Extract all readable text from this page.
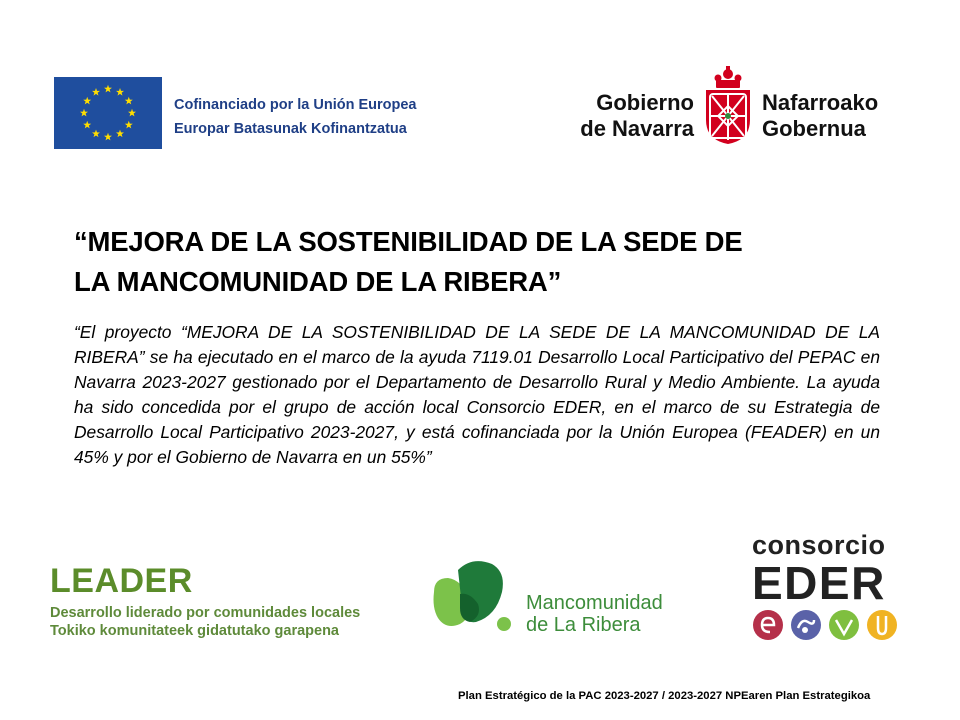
Cofinanciado por la Unión Europea
Europar Batasunak Kofinantzatua
Gobierno
de Navarra
Nafarroako
Gobernua
“MEJORA DE LA SOSTENIBILIDAD DE LA SEDE DE
LA MANCOMUNIDAD DE LA RIBERA”
“El proyecto “MEJORA DE LA SOSTENIBILIDAD DE LA SEDE DE LA MANCOMUNIDAD DE LA RIBERA” se ha ejecutado en el marco de la ayuda 7119.01 Desarrollo Local Participativo del PEPAC en Navarra 2023-2027 gestionado por el Departamento de Desarrollo Rural y Medio Ambiente. La ayuda ha sido concedida por el grupo de acción local Consorcio EDER, en el marco de su Estrategia de Desarrollo Local Participativo 2023-2027, y está cofinanciada por la Unión Europea (FEADER) en un 45% y por el Gobierno de Navarra en un 55%”
LEADER
Desarrollo liderado por comunidades locales
Tokiko komunitateek gidatutako garapena
Mancomunidad
de La Ribera
consorcio
EDER
Plan Estratégico de la PAC 2023-2027 / 2023-2027 NPEaren Plan Estrategikoa
